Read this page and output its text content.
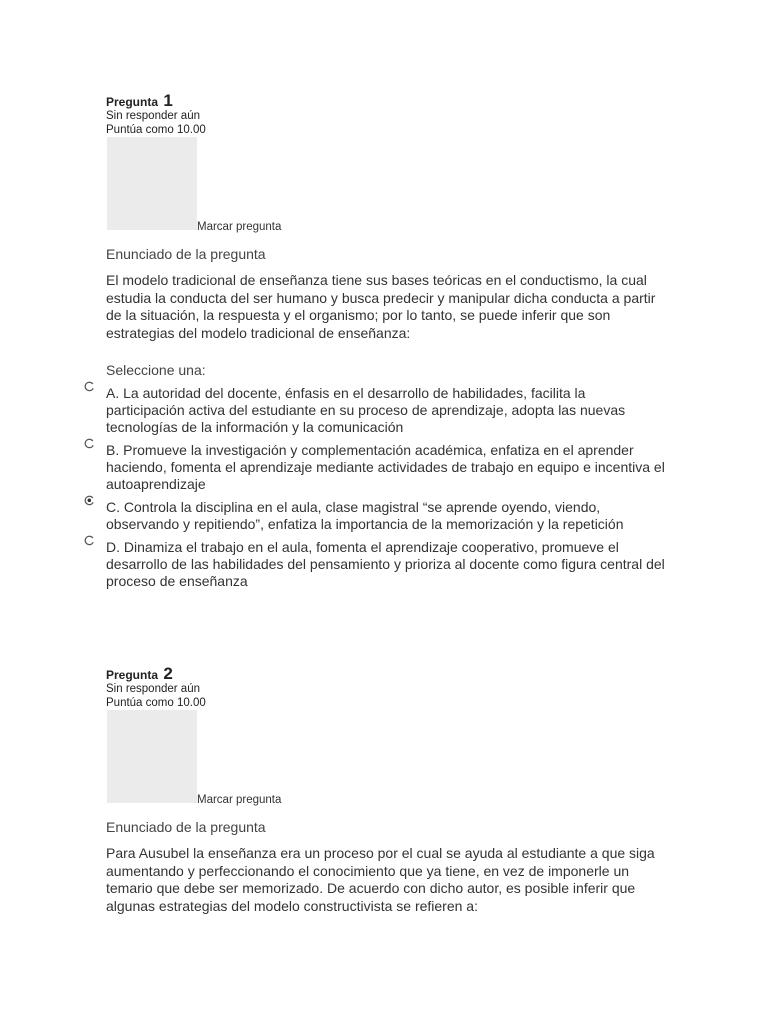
Pregunta 1
Sin responder aún
Puntúa como 10.00
Marcar pregunta
Enunciado de la pregunta
El modelo tradicional de enseñanza tiene sus bases teóricas en el conductismo, la cual estudia la conducta del ser humano y busca predecir y manipular dicha conducta a partir de la situación, la respuesta y el organismo; por lo tanto, se puede inferir que son estrategias del modelo tradicional de enseñanza:
Seleccione una:
A. La autoridad del docente, énfasis en el desarrollo de habilidades, facilita la participación activa del estudiante en su proceso de aprendizaje, adopta las nuevas tecnologías de la información y la comunicación
B. Promueve la investigación y complementación académica, enfatiza en el aprender haciendo, fomenta el aprendizaje mediante actividades de trabajo en equipo e incentiva el autoaprendizaje
C. Controla la disciplina en el aula, clase magistral “se aprende oyendo, viendo, observando y repitiendo”, enfatiza la importancia de la memorización y la repetición
D. Dinamiza el trabajo en el aula, fomenta el aprendizaje cooperativo, promueve el desarrollo de las habilidades del pensamiento y prioriza al docente como figura central del proceso de enseñanza
Pregunta 2
Sin responder aún
Puntúa como 10.00
Marcar pregunta
Enunciado de la pregunta
Para Ausubel la enseñanza era un proceso por el cual se ayuda al estudiante a que siga aumentando y perfeccionando el conocimiento que ya tiene, en vez de imponerle un temario que debe ser memorizado. De acuerdo con dicho autor, es posible inferir que algunas estrategias del modelo constructivista se refieren a:
